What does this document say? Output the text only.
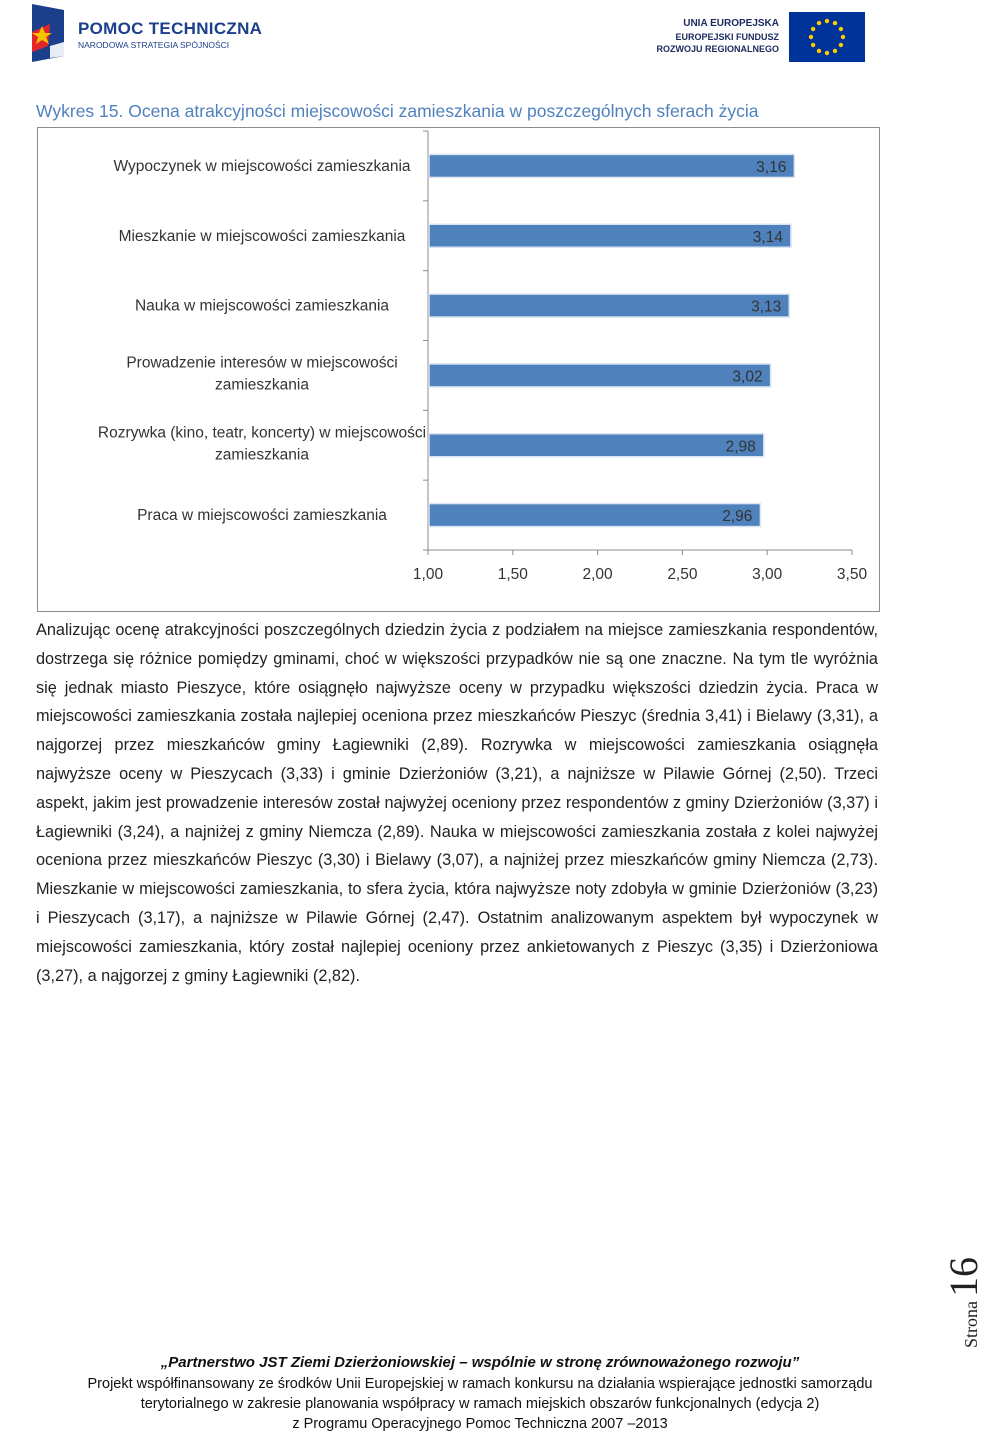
POMOC TECHNICZNA
NARODOWA STRATEGIA SPÓJNOŚCI
UNIA EUROPEJSKA
EUROPEJSKI FUNDUSZ
ROZWOJU REGIONALNEGO
Wykres 15. Ocena atrakcyjności miejscowości zamieszkania w poszczególnych sferach życia
1,00	1,50	2,00	2,50	3,00	3,50
3,16
Wypoczynek w miejscowości zamieszkania
3,14
Mieszkanie w miejscowości zamieszkania
3,13
Nauka w miejscowości zamieszkania
3,02
Prowadzenie interesów w miejscowości
zamieszkania
2,98
Rozrywka (kino, teatr, koncerty) w miejscowości
zamieszkania
2,96
Praca w miejscowości zamieszkania
Analizując ocenę atrakcyjności poszczególnych dziedzin życia z podziałem na miejsce zamieszkania respondentów, dostrzega się różnice pomiędzy gminami, choć w większości przypadków nie są one znaczne. Na tym tle wyróżnia się jednak miasto Pieszyce, które osiągnęło najwyższe oceny w przypadku większości dziedzin życia. Praca w miejscowości zamieszkania została najlepiej oceniona przez mieszkańców Pieszyc (średnia 3,41) i Bielawy (3,31), a najgorzej przez mieszkańców gminy Łagiewniki (2,89). Rozrywka w miejscowości zamieszkania osiągnęła najwyższe oceny w Pieszycach (3,33) i gminie Dzierżoniów (3,21), a najniższe w Pilawie Górnej (2,50). Trzeci aspekt, jakim jest prowadzenie interesów został najwyżej oceniony przez respondentów z gminy Dzierżoniów (3,37) i Łagiewniki (3,24), a najniżej z gminy Niemcza (2,89). Nauka w miejscowości zamieszkania została z kolei najwyżej oceniona przez mieszkańców Pieszyc (3,30) i Bielawy (3,07), a najniżej przez mieszkańców gminy Niemcza (2,73). Mieszkanie w miejscowości zamieszkania, to sfera życia, która najwyższe noty zdobyła w gminie Dzierżoniów (3,23) i Pieszycach (3,17), a najniższe w Pilawie Górnej (2,47). Ostatnim analizowanym aspektem był wypoczynek w miejscowości zamieszkania, który został najlepiej oceniony przez ankietowanych z Pieszyc (3,35) i Dzierżoniowa (3,27), a najgorzej z gminy Łagiewniki (2,82).
„Partnerstwo JST Ziemi Dzierżoniowskiej – wspólnie w stronę zrównoważonego rozwoju”
Projekt współfinansowany ze środków Unii Europejskiej w ramach konkursu na działania wspierające jednostki samorządu
terytorialnego w zakresie planowania współpracy w ramach miejskich obszarów funkcjonalnych (edycja 2)
z Programu Operacyjnego Pomoc Techniczna 2007 –2013
Strona 16
